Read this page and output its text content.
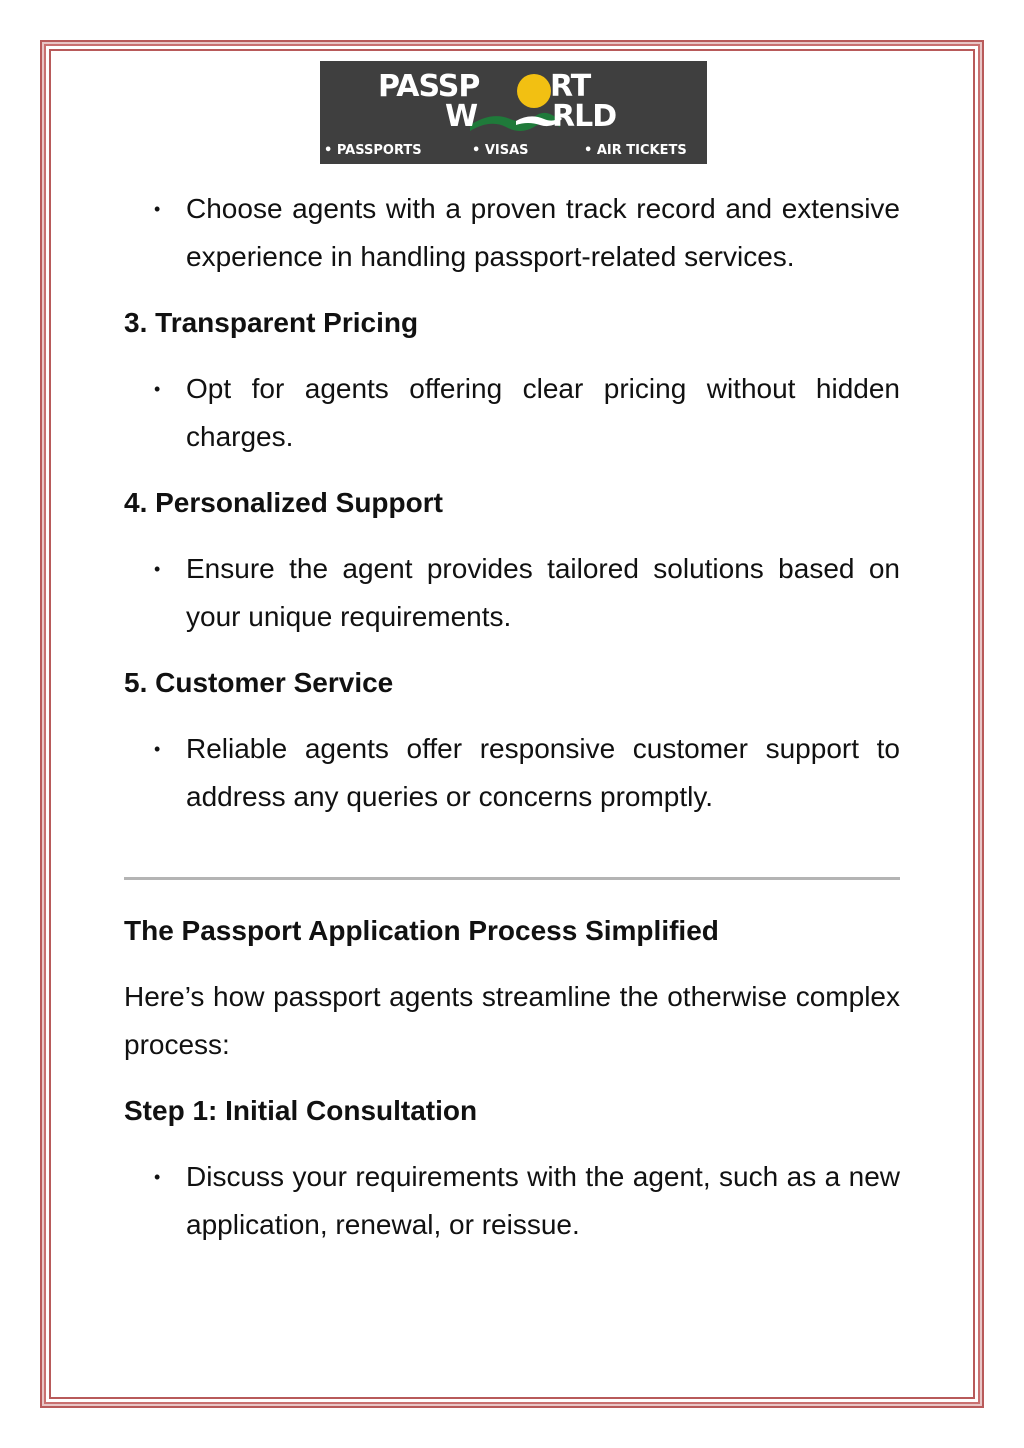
PASSP RT
W RLD
• PASSPORTS	• VISAS	• AIR TICKETS
• Choose agents with a proven track record and extensive experience in handling passport-related services.
3. Transparent Pricing
• Opt for agents offering clear pricing without hidden charges.
4. Personalized Support
• Ensure the agent provides tailored solutions based on your unique requirements.
5. Customer Service
• Reliable agents offer responsive customer support to address any queries or concerns promptly.
The Passport Application Process Simplified
Here’s how passport agents streamline the otherwise complex process:
Step 1: Initial Consultation
• Discuss your requirements with the agent, such as a new application, renewal, or reissue.
